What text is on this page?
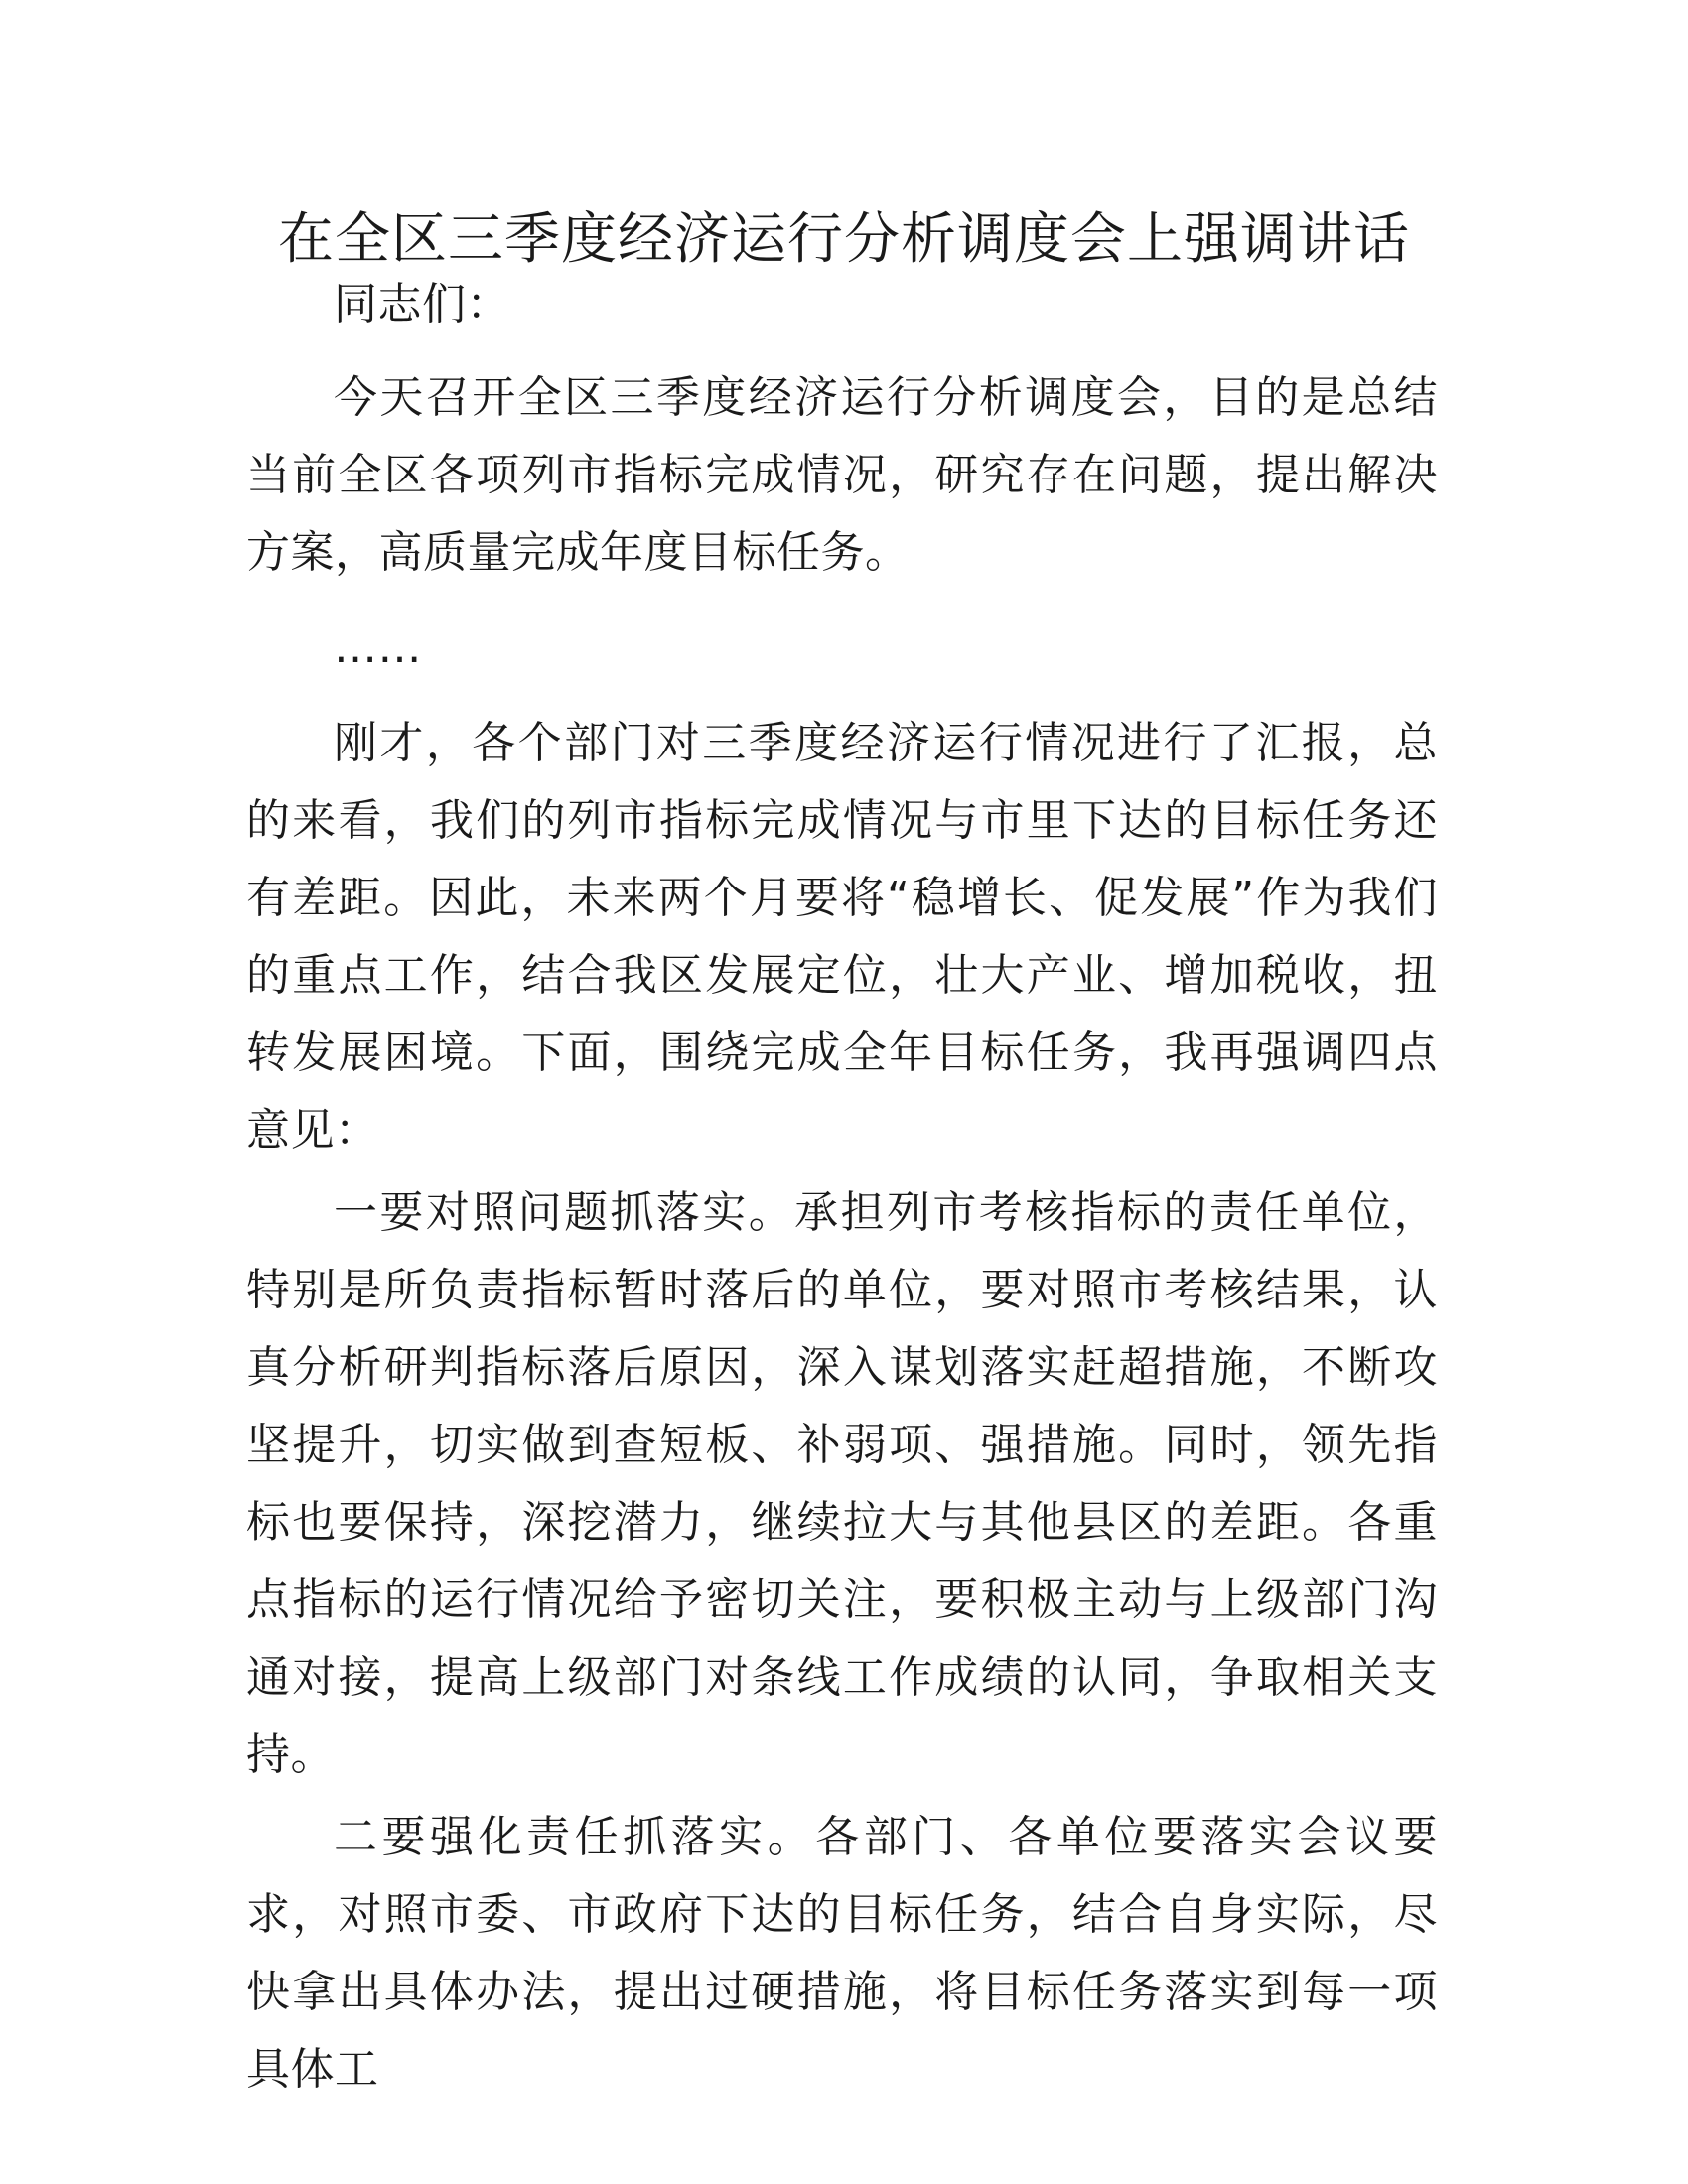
在全区三季度经济运行分析调度会上强调讲话

同志们：

今天召开全区三季度经济运行分析调度会，目的是总结当前全区各项列市指标完成情况，研究存在问题，提出解决方案，高质量完成年度目标任务。

……

刚才，各个部门对三季度经济运行情况进行了汇报，总的来看，我们的列市指标完成情况与市里下达的目标任务还有差距。因此，未来两个月要将“稳增长、促发展”作为我们的重点工作，结合我区发展定位，壮大产业、增加税收，扭转发展困境。下面，围绕完成全年目标任务，我再强调四点意见：

一要对照问题抓落实。承担列市考核指标的责任单位，特别是所负责指标暂时落后的单位，要对照市考核结果，认真分析研判指标落后原因，深入谋划落实赶超措施，不断攻坚提升，切实做到查短板、补弱项、强措施。同时，领先指标也要保持，深挖潜力，继续拉大与其他县区的差距。各重点指标的运行情况给予密切关注，要积极主动与上级部门沟通对接，提高上级部门对条线工作成绩的认同，争取相关支持。

二要强化责任抓落实。各部门、各单位要落实会议要求，对照市委、市政府下达的目标任务，结合自身实际，尽快拿出具体办法，提出过硬措施，将目标任务落实到每一项具体工
